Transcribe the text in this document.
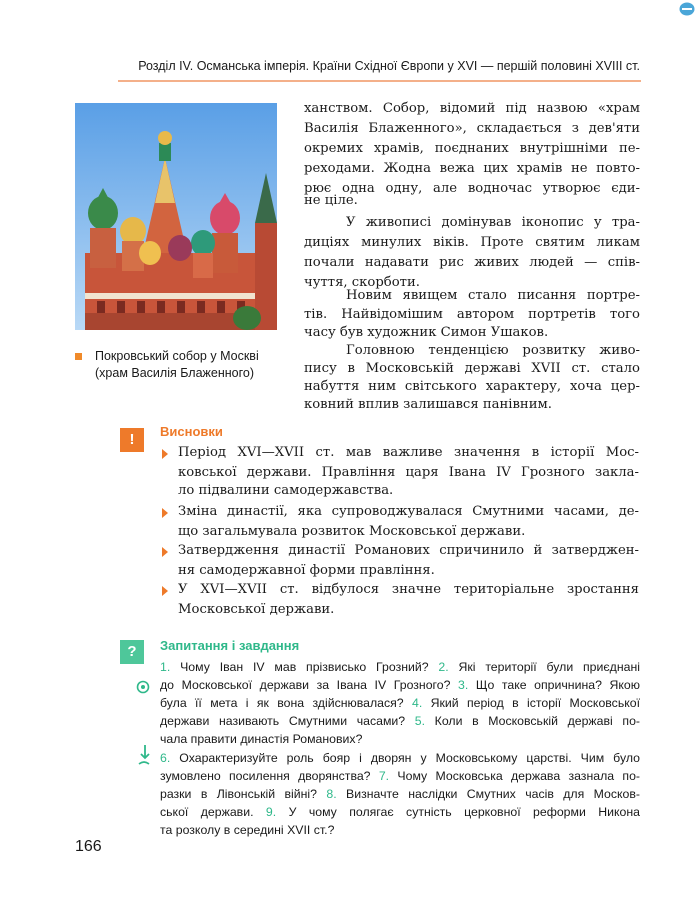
Розділ IV. Османська імперія. Країни Східної Європи у XVI — першій половині XVIII ст.
Покровський собор у Москві
(храм Василія Блаженного)
ханством. Собор, відомий під назвою «храм
Василія Блаженного», складається з дев'яти
окремих храмів, поєднаних внутрішніми пе-
реходами. Жодна вежа цих храмів не повто-
рює одна одну, але водночас утворює єди-
не ціле.
У живописі домінував іконопис у тра-
диціях минулих віків. Проте святим ликам
почали надавати рис живих людей — спів-
чуття, скорботи.
Новим явищем стало писання портре-
тів. Найвідомішим автором портретів того
часу був художник Симон Ушаков.
Головною тенденцією розвитку живо-
пису в Московській державі XVII ст. стало
набуття ним світського характеру, хоча цер-
ковний вплив залишався панівним.
!	Висновки
Період XVI—XVII ст. мав важливе значення в історії Мос-
ковської держави. Правління царя Івана IV Грозного закла-
ло підвалини самодержавства.
Зміна династії, яка супроводжувалася Смутними часами, де-
що загальмувала розвиток Московської держави.
Затвердження династії Романових спричинило й затверджен-
ня самодержавної форми правління.
У XVI—XVII ст. відбулося значне територіальне зростання
Московської держави.
?	Запитання і завдання
1. Чому Іван IV мав прізвисько Грозний? 2. Які території були приєднані
до Московської держави за Івана IV Грозного? 3. Що таке опричнина? Якою
була її мета і як вона здійснювалася? 4. Який період в історії Московської
держави називають Смутними часами? 5. Коли в Московській державі по-
чала правити династія Романових?
6. Охарактеризуйте роль бояр і дворян у Московському царстві. Чим було
зумовлено посилення дворянства? 7. Чому Московська держава зазнала по-
разки в Лівонській війні? 8. Визначте наслідки Смутних часів для Москов-
ської держави. 9. У чому полягає сутність церковної реформи Никона
та розколу в середині XVII ст.?
166
